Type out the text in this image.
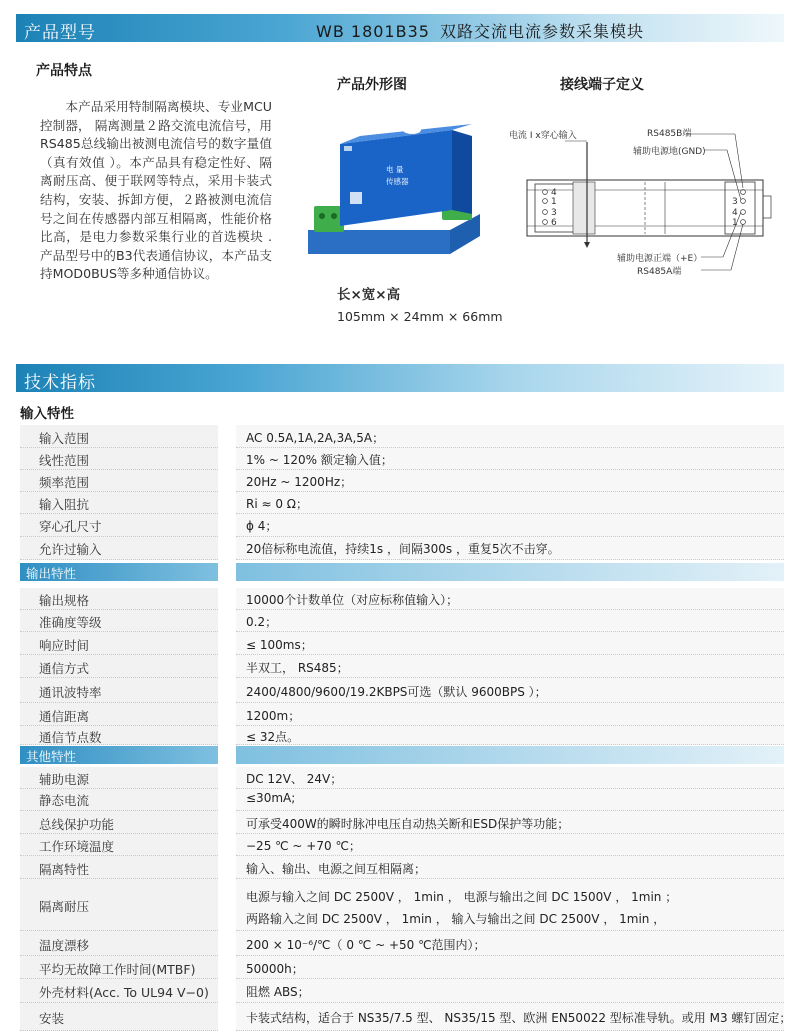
产品型号	WB 1801B35 双路交流电流参数采集模块
产品特点
　　本产品采用特制隔离模块、专业MCU控制器， 隔离测量２路交流电流信号，用RS485总线输出被测电流信号的数字量值（真有效值 ）。本产品具有稳定性好、隔离耐压高、便于联网等特点，采用卡装式结构，安装、拆卸方便，２路被测电流信号之间在传感器内部互相隔离，性能价格比高，是电力参数采集行业的首选模块 . 产品型号中的B3代表通信协议，本产品支持MOD0BUS等多种通信协议。
产品外形图
电 量
传感器
长×宽×高
105mm × 24mm × 66mm
接线端子定义
电流 I x穿心输入	RS485B端
辅助电源地(GND)
辅助电源正端（+E）
RS485A端
4
1
3
6
3
4
1
技术指标
输入特性
输入范围	AC 0.5A,1A,2A,3A,5A；
线性范围	1% ~ 120% 额定输入值；
频率范围	20Hz ~ 1200Hz；
输入阻抗	Ri ≈ 0 Ω；
穿心孔尺寸	ϕ 4；
允许过输入	20倍标称电流值，持续1s ，间隔300s ，重复5次不击穿。
输出特性
输出规格	10000个计数单位（对应标称值输入）；
准确度等级	0.2；
响应时间	≤ 100ms；
通信方式	半双工， RS485；
通讯波特率	2400/4800/9600/19.2KBPS可选（默认 9600BPS ）；
通信距离	1200m；
通信节点数	≤ 32点。
其他特性
辅助电源	DC 12V、 24V；
静态电流	≤30mA;
总线保护功能	可承受400W的瞬时脉冲电压自动热关断和ESD保护等功能；
工作环境温度	−25 ℃ ~ +70 ℃；
隔离特性	输入、输出、电源之间互相隔离；
隔离耐压
电源与输入之间 DC 2500V ， 1min ， 电源与输出之间 DC 1500V ， 1min ；
两路输入之间 DC 2500V ， 1min ， 输入与输出之间 DC 2500V ， 1min ，
温度漂移	200 × 10⁻⁶/℃（ 0 ℃ ~ +50 ℃范围内）；
平均无故障工作时间(MTBF)	50000h；
外壳材料(Acc. To UL94 V−0)	阻燃 ABS；
安装	卡装式结构，适合于 NS35/7.5 型、 NS35/15 型、欧洲 EN50022 型标准导轨。或用 M3 螺钉固定；
